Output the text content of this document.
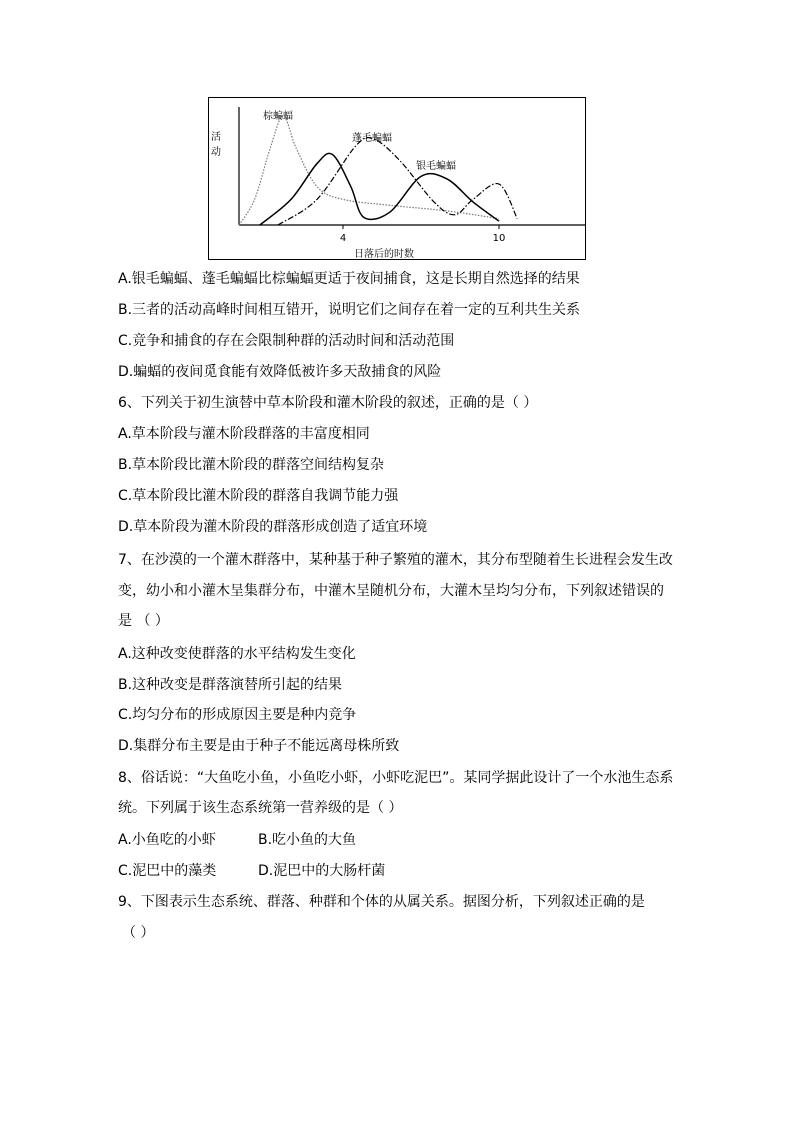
活
动
4	10
日落后的时数
棕蝙蝠
蓬毛蝙蝠
银毛蝙蝠
A.银毛蝙蝠、蓬毛蝙蝠比棕蝙蝠更适于夜间捕食，这是长期自然选择的结果
B.三者的活动高峰时间相互错开，说明它们之间存在着一定的互利共生关系
C.竞争和捕食的存在会限制种群的活动时间和活动范围
D.蝙蝠的夜间觅食能有效降低被许多天敌捕食的风险
6、下列关于初生演替中草本阶段和灌木阶段的叙述，正确的是（ ）
A.草本阶段与灌木阶段群落的丰富度相同
B.草本阶段比灌木阶段的群落空间结构复杂
C.草本阶段比灌木阶段的群落自我调节能力强
D.草本阶段为灌木阶段的群落形成创造了适宜环境
7、在沙漠的一个灌木群落中，某种基于种子繁殖的灌木，其分布型随着生长进程会发生改
变，幼小和小灌木呈集群分布，中灌木呈随机分布，大灌木呈均匀分布，下列叙述错误的
是 （ ）
A.这种改变使群落的水平结构发生变化
B.这种改变是群落演替所引起的结果
C.均匀分布的形成原因主要是种内竞争
D.集群分布主要是由于种子不能远离母株所致
8、俗话说：“大鱼吃小鱼，小鱼吃小虾，小虾吃泥巴”。某同学据此设计了一个水池生态系
统。下列属于该生态系统第一营养级的是（ ）
A.小鱼吃的小虾	B.吃小鱼的大鱼
C.泥巴中的藻类	D.泥巴中的大肠杆菌
9、下图表示生态系统、群落、种群和个体的从属关系。据图分析，下列叙述正确的是
（ ）
